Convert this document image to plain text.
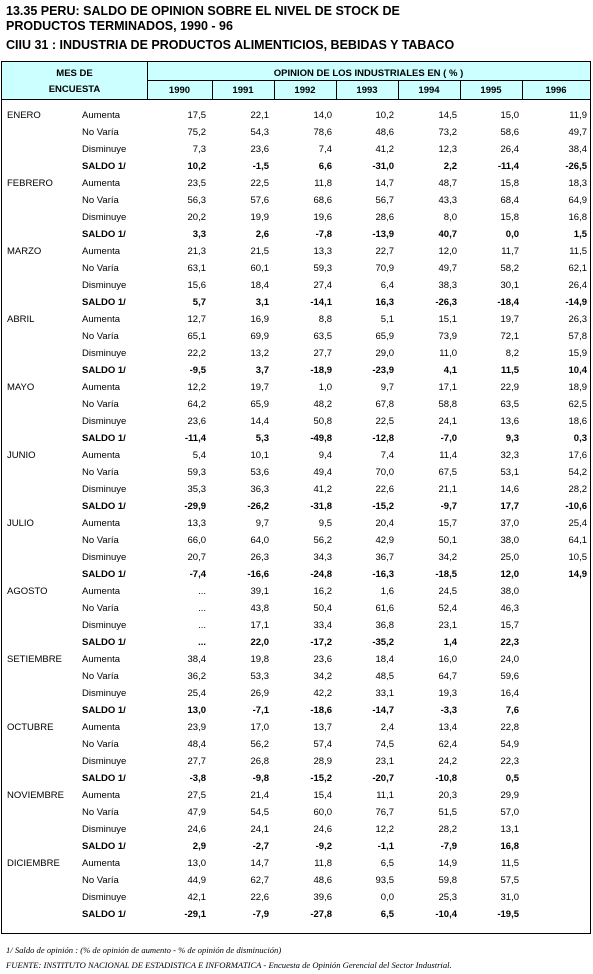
13.35 PERU: SALDO DE OPINION SOBRE EL NIVEL DE STOCK DE
PRODUCTOS TERMINADOS, 1990 - 96
CIIU 31 : INDUSTRIA DE PRODUCTOS ALIMENTICIOS, BEBIDAS Y TABACO
MES DE
ENCUESTA
OPINION DE LOS INDUSTRIALES EN ( % )
1990	1991	1992	1993	1994	1995	1996
ENERO	Aumenta	17,5	22,1	14,0	10,2	14,5	15,0	11,9
No Varía	75,2	54,3	78,6	48,6	73,2	58,6	49,7
Disminuye	7,3	23,6	7,4	41,2	12,3	26,4	38,4
SALDO 1/	10,2	-1,5	6,6	-31,0	2,2	-11,4	-26,5
FEBRERO	Aumenta	23,5	22,5	11,8	14,7	48,7	15,8	18,3
No Varía	56,3	57,6	68,6	56,7	43,3	68,4	64,9
Disminuye	20,2	19,9	19,6	28,6	8,0	15,8	16,8
SALDO 1/	3,3	2,6	-7,8	-13,9	40,7	0,0	1,5
MARZO	Aumenta	21,3	21,5	13,3	22,7	12,0	11,7	11,5
No Varía	63,1	60,1	59,3	70,9	49,7	58,2	62,1
Disminuye	15,6	18,4	27,4	6,4	38,3	30,1	26,4
SALDO 1/	5,7	3,1	-14,1	16,3	-26,3	-18,4	-14,9
ABRIL	Aumenta	12,7	16,9	8,8	5,1	15,1	19,7	26,3
No Varía	65,1	69,9	63,5	65,9	73,9	72,1	57,8
Disminuye	22,2	13,2	27,7	29,0	11,0	8,2	15,9
SALDO 1/	-9,5	3,7	-18,9	-23,9	4,1	11,5	10,4
MAYO	Aumenta	12,2	19,7	1,0	9,7	17,1	22,9	18,9
No Varía	64,2	65,9	48,2	67,8	58,8	63,5	62,5
Disminuye	23,6	14,4	50,8	22,5	24,1	13,6	18,6
SALDO 1/	-11,4	5,3	-49,8	-12,8	-7,0	9,3	0,3
JUNIO	Aumenta	5,4	10,1	9,4	7,4	11,4	32,3	17,6
No Varía	59,3	53,6	49,4	70,0	67,5	53,1	54,2
Disminuye	35,3	36,3	41,2	22,6	21,1	14,6	28,2
SALDO 1/	-29,9	-26,2	-31,8	-15,2	-9,7	17,7	-10,6
JULIO	Aumenta	13,3	9,7	9,5	20,4	15,7	37,0	25,4
No Varía	66,0	64,0	56,2	42,9	50,1	38,0	64,1
Disminuye	20,7	26,3	34,3	36,7	34,2	25,0	10,5
SALDO 1/	-7,4	-16,6	-24,8	-16,3	-18,5	12,0	14,9
AGOSTO	Aumenta	...	39,1	16,2	1,6	24,5	38,0
No Varía	...	43,8	50,4	61,6	52,4	46,3
Disminuye	...	17,1	33,4	36,8	23,1	15,7
SALDO 1/	...	22,0	-17,2	-35,2	1,4	22,3
SETIEMBRE Aumenta	38,4	19,8	23,6	18,4	16,0	24,0
No Varía	36,2	53,3	34,2	48,5	64,7	59,6
Disminuye	25,4	26,9	42,2	33,1	19,3	16,4
SALDO 1/	13,0	-7,1	-18,6	-14,7	-3,3	7,6
OCTUBRE	Aumenta	23,9	17,0	13,7	2,4	13,4	22,8
No Varía	48,4	56,2	57,4	74,5	62,4	54,9
Disminuye	27,7	26,8	28,9	23,1	24,2	22,3
SALDO 1/	-3,8	-9,8	-15,2	-20,7	-10,8	0,5
NOVIEMBRE Aumenta	27,5	21,4	15,4	11,1	20,3	29,9
No Varía	47,9	54,5	60,0	76,7	51,5	57,0
Disminuye	24,6	24,1	24,6	12,2	28,2	13,1
SALDO 1/	2,9	-2,7	-9,2	-1,1	-7,9	16,8
DICIEMBRE Aumenta	13,0	14,7	11,8	6,5	14,9	11,5
No Varía	44,9	62,7	48,6	93,5	59,8	57,5
Disminuye	42,1	22,6	39,6	0,0	25,3	31,0
SALDO 1/	-29,1	-7,9	-27,8	6,5	-10,4	-19,5
1/ Saldo de opinión : (% de opinión de aumento - % de opinión de disminución)
FUENTE: INSTITUTO NACIONAL DE ESTADISTICA E INFORMATICA - Encuesta de Opinión Gerencial del Sector Industrial.
